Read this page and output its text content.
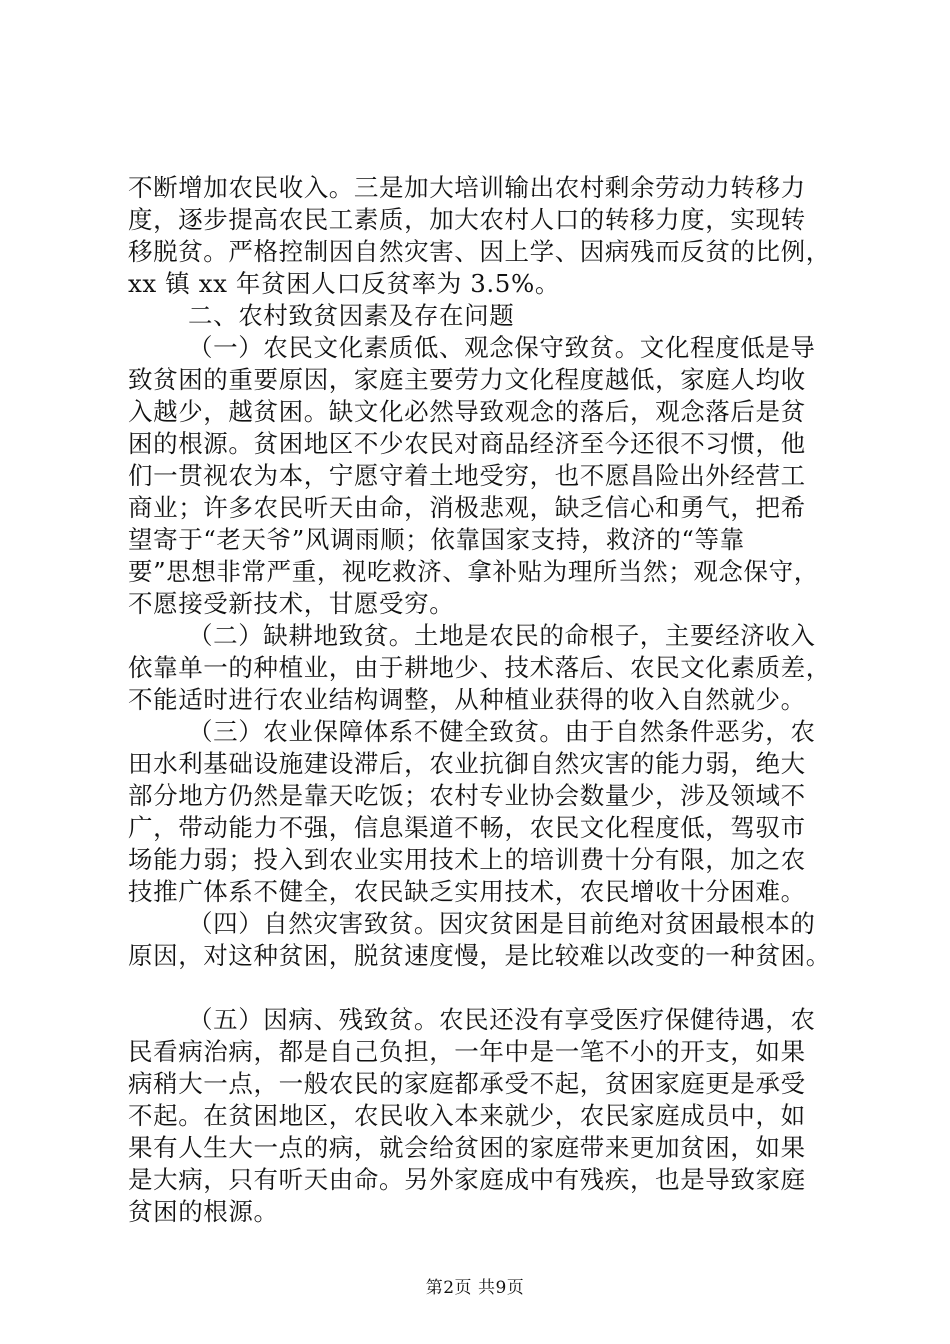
不断增加农民收入。三是加大培训输出农村剩余劳动力转移力
度，逐步提高农民工素质，加大农村人口的转移力度，实现转
移脱贫。严格控制因自然灾害、因上学、因病残而反贫的比例，
xx 镇 xx 年贫困人口反贫率为 3.5%。
二、农村致贫因素及存在问题
（一）农民文化素质低、观念保守致贫。文化程度低是导
致贫困的重要原因，家庭主要劳力文化程度越低，家庭人均收
入越少，越贫困。缺文化必然导致观念的落后，观念落后是贫
困的根源。贫困地区不少农民对商品经济至今还很不习惯，他
们一贯视农为本，宁愿守着土地受穷，也不愿昌险出外经营工
商业；许多农民听天由命，消极悲观，缺乏信心和勇气，把希
望寄于“老天爷”风调雨顺；依靠国家支持，救济的“等靠
要”思想非常严重，视吃救济、拿补贴为理所当然；观念保守，
不愿接受新技术，甘愿受穷。
（二）缺耕地致贫。土地是农民的命根子，主要经济收入
依靠单一的种植业，由于耕地少、技术落后、农民文化素质差，
不能适时进行农业结构调整，从种植业获得的收入自然就少。
（三）农业保障体系不健全致贫。由于自然条件恶劣，农
田水利基础设施建设滞后，农业抗御自然灾害的能力弱，绝大
部分地方仍然是靠天吃饭；农村专业协会数量少，涉及领域不
广，带动能力不强，信息渠道不畅，农民文化程度低，驾驭市
场能力弱；投入到农业实用技术上的培训费十分有限，加之农
技推广体系不健全，农民缺乏实用技术，农民增收十分困难。
（四）自然灾害致贫。因灾贫困是目前绝对贫困最根本的
原因，对这种贫困，脱贫速度慢，是比较难以改变的一种贫困。
（五）因病、残致贫。农民还没有享受医疗保健待遇，农
民看病治病，都是自己负担，一年中是一笔不小的开支，如果
病稍大一点，一般农民的家庭都承受不起，贫困家庭更是承受
不起。在贫困地区，农民收入本来就少，农民家庭成员中，如
果有人生大一点的病，就会给贫困的家庭带来更加贫困，如果
是大病，只有听天由命。另外家庭成中有残疾，也是导致家庭
贫困的根源。
第2页 共9页
